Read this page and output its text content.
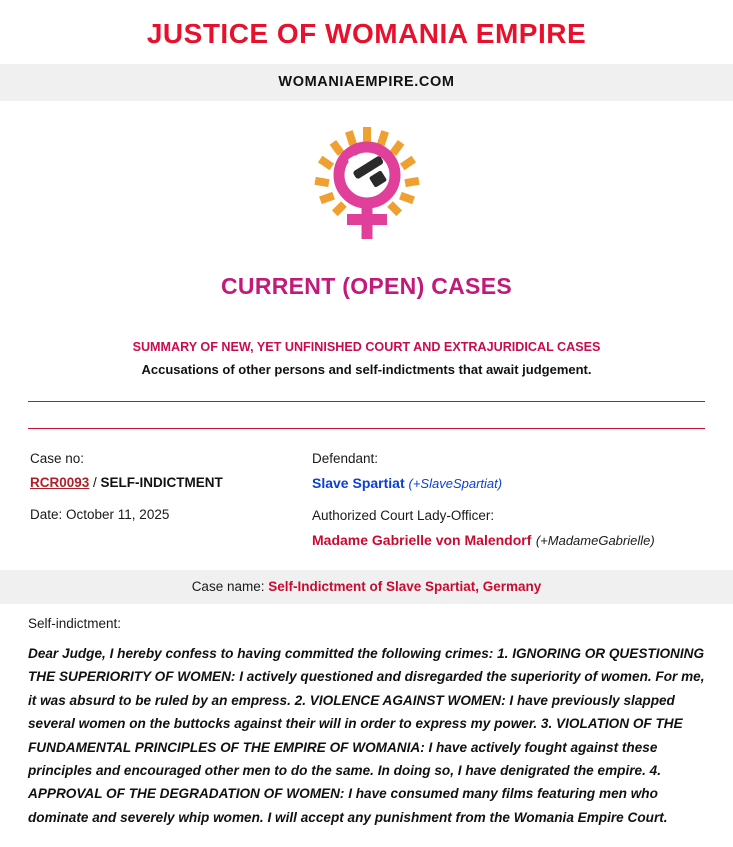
JUSTICE OF WOMANIA EMPIRE
WOMANIAEMPIRE.COM
CURRENT (OPEN) CASES

SUMMARY OF NEW, YET UNFINISHED COURT AND EXTRAJURIDICAL CASES

Accusations of other persons and self-indictments that await judgement.

Case no:
RCR0093 / SELF-INDICTMENT
Date: October 11, 2025
Defendant:
Slave Spartiat (+SlaveSpartiat)
Authorized Court Lady-Officer:
Madame Gabrielle von Malendorf (+MadameGabrielle)
Case name: Self-Indictment of Slave Spartiat, Germany
Self-indictment:
Dear Judge, I hereby confess to having committed the following crimes: 1. IGNORING OR QUESTIONING THE SUPERIORITY OF WOMEN: I actively questioned and disregarded the superiority of women. For me, it was absurd to be ruled by an empress. 2. VIOLENCE AGAINST WOMEN: I have previously slapped several women on the buttocks against their will in order to express my power. 3. VIOLATION OF THE FUNDAMENTAL PRINCIPLES OF THE EMPIRE OF WOMANIA: I have actively fought against these principles and encouraged other men to do the same. In doing so, I have denigrated the empire. 4. APPROVAL OF THE DEGRADATION OF WOMEN: I have consumed many films featuring men who dominate and severely whip women. I will accept any punishment from the Womania Empire Court.
